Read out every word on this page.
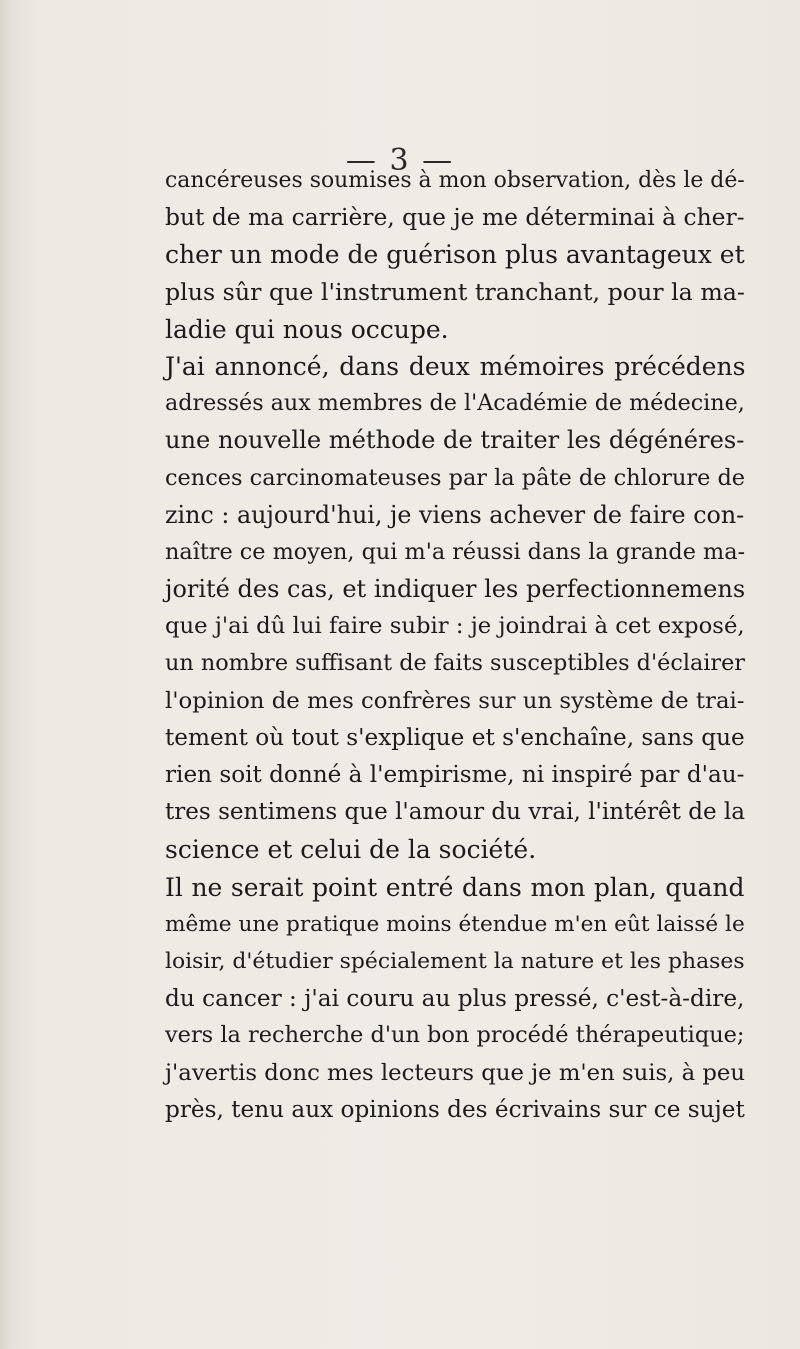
— 3 —
cancéreuses soumises à mon observation, dès le dé-
but de ma carrière, que je me déterminai à cher-
cher un mode de guérison plus avantageux et
plus sûr que l'instrument tranchant, pour la ma-
ladie qui nous occupe.
J'ai annoncé, dans deux mémoires précédens
adressés aux membres de l'Académie de médecine,
une nouvelle méthode de traiter les dégénéres-
cences carcinomateuses par la pâte de chlorure de
zinc : aujourd'hui, je viens achever de faire con-
naître ce moyen, qui m'a réussi dans la grande ma-
jorité des cas, et indiquer les perfectionnemens
que j'ai dû lui faire subir : je joindrai à cet exposé,
un nombre suffisant de faits susceptibles d'éclairer
l'opinion de mes confrères sur un système de trai-
tement où tout s'explique et s'enchaîne, sans que
rien soit donné à l'empirisme, ni inspiré par d'au-
tres sentimens que l'amour du vrai, l'intérêt de la
science et celui de la société.
Il ne serait point entré dans mon plan, quand
même une pratique moins étendue m'en eût laissé le
loisir, d'étudier spécialement la nature et les phases
du cancer : j'ai couru au plus pressé, c'est-à-dire,
vers la recherche d'un bon procédé thérapeutique;
j'avertis donc mes lecteurs que je m'en suis, à peu
près, tenu aux opinions des écrivains sur ce sujet
